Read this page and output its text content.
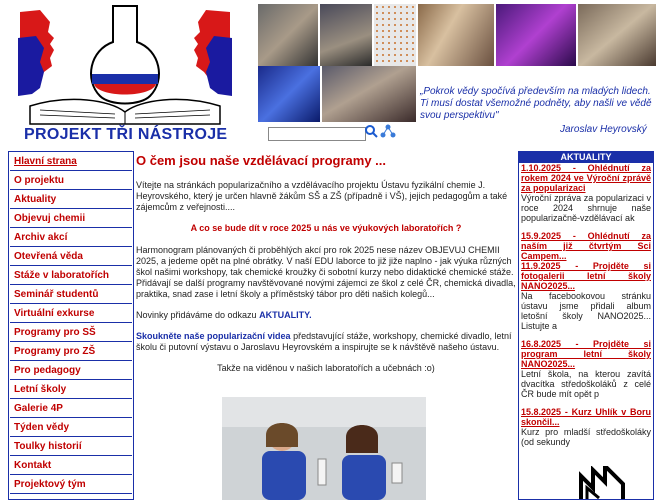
PROJEKT TŘI NÁSTROJE
„Pokrok vědy spočívá především na mladých lidech. Ti musí dostat všemožné podněty, aby našli ve vědě svou perspektivu"
Jaroslav Heyrovský
Hlavní strana
O projektu
Aktuality
Objevuj chemii
Archiv akcí
Otevřená věda
Stáže v laboratořích
Seminář studentů
Virtuální exkurse
Programy pro SŠ
Programy pro ZŠ
Pro pedagogy
Letní školy
Galerie 4P
Týden vědy
Toulky historií
Kontakt
Projektový tým
O čem jsou naše vzdělávací programy ...

Vítejte na stránkách popularizačního a vzdělávacího projektu Ústavu fyzikální chemie J. Heyrovského, který je určen hlavně žákům SŠ a ZŠ (případně i VŠ), jejich pedagogům a také zájemcům z veřejnosti....

A co se bude dít v roce 2025 u nás ve výukových laboratořích ?

Harmonogram plánovaných či proběhlých akcí pro rok 2025 nese název OBJEVUJ CHEMII 2025, a jedeme opět na plné obrátky. V naší EDU laborce to již jiže naplno - jak výuka různých škol našimi workshopy, tak chemické kroužky či sobotní kurzy nebo didaktické chemické stáže. Přidávají se další programy navštěvované novými zájemci ze škol z celé ČR, chemická divadla, praktika, snad zase i letní školy a příměstský tábor pro děti našich kolegů...

Novinky přidáváme do odkazu AKTUALITY.

Skoukněte naše popularizační videa představující stáže, workshopy, chemické divadlo, letní školu či putovní výstavu o Jaroslavu Heyrovském a inspirujte se k návštěvě našeho ústavu.

Takže na viděnou v našich laboratořích a učebnách :o)

AKTUALITY
1.10.2025 - Ohlédnutí za rokem 2024 ve Výroční zprávě za popularizaci
Výroční zpráva za popularizaci v roce 2024 shrnuje naše popularizačně-vzdělávací ak
15.9.2025 - Ohlédnutí za naším již čtvrtým Sci Campem...
11.9.2025 - Projděte si fotogalerii letní školy NANO2025...
Na facebookovou stránku ústavu jsme přidali album letošní školy NANO2025... Listujte a
16.8.2025 - Projděte si program letní školy NANO2025...
Letní škola, na kterou zavítá dvacítka středoškoláků z celé ČR bude mít opět p
15.8.2025 - Kurz Uhlík v Boru skončil...
Kurz pro mladší středoškoláky (od sekundy
